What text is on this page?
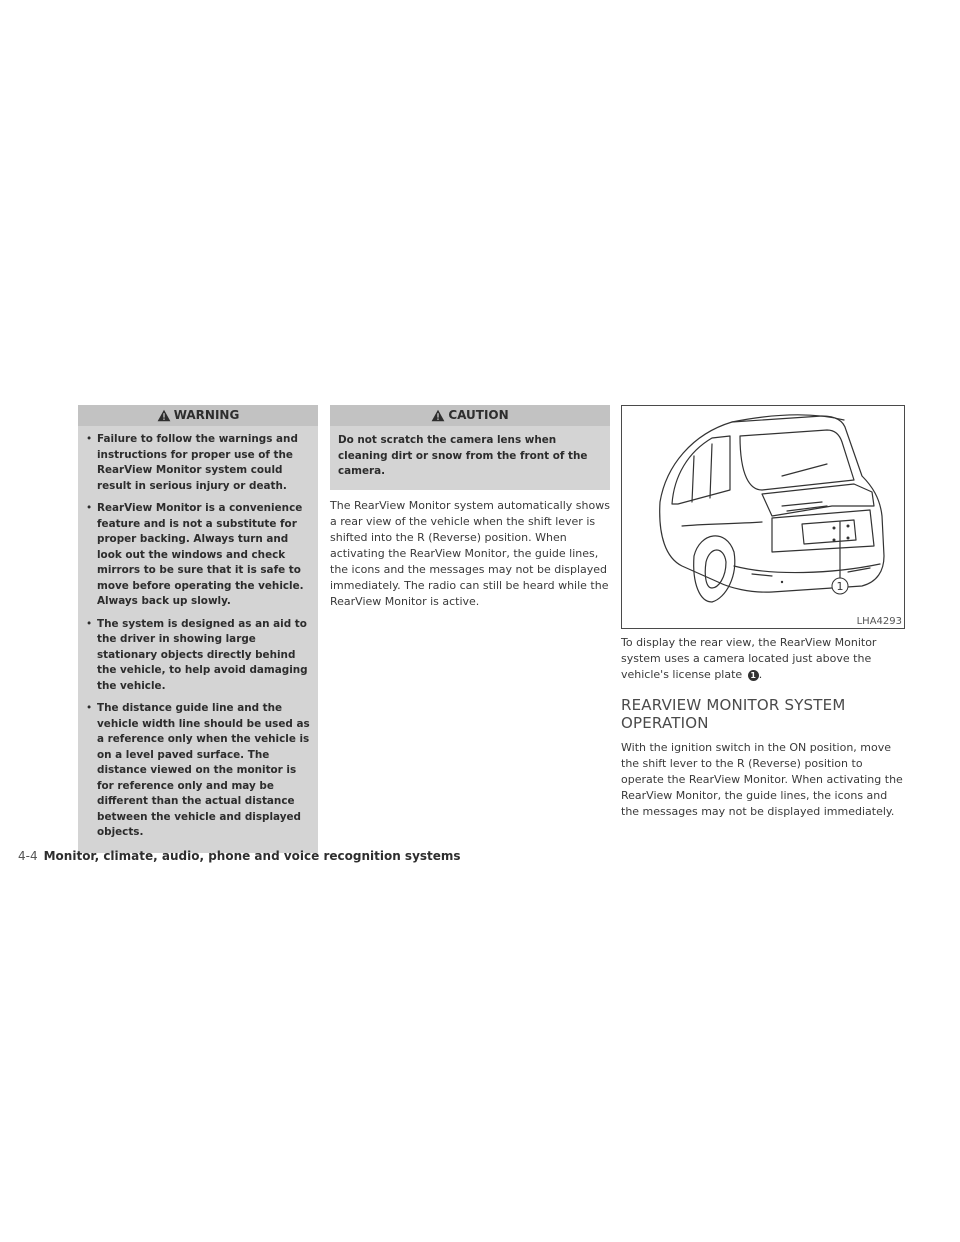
WARNING
• Failure to follow the warnings and instructions for proper use of the RearView Monitor system could result in serious injury or death.
• RearView Monitor is a convenience feature and is not a substitute for proper backing. Always turn and look out the windows and check mirrors to be sure that it is safe to move before operating the vehicle. Always back up slowly.
• The system is designed as an aid to the driver in showing large stationary objects directly behind the vehicle, to help avoid damaging the vehicle.
• The distance guide line and the vehicle width line should be used as a reference only when the vehicle is on a level paved surface. The distance viewed on the monitor is for reference only and may be different than the actual distance between the vehicle and displayed objects.
CAUTION
Do not scratch the camera lens when cleaning dirt or snow from the front of the camera.

The RearView Monitor system automatically shows a rear view of the vehicle when the shift lever is shifted into the R (Reverse) position. When activating the RearView Monitor, the guide lines, the icons and the messages may not be displayed immediately. The radio can still be heard while the RearView Monitor is active.

1
LHA4293

To display the rear view, the RearView Monitor system uses a camera located just above the vehicle's license plate 1 .

REARVIEW MONITOR SYSTEM OPERATION

With the ignition switch in the ON position, move the shift lever to the R (Reverse) position to operate the RearView Monitor. When activating the RearView Monitor, the guide lines, the icons and the messages may not be displayed immediately.

4-4 Monitor, climate, audio, phone and voice recognition systems
